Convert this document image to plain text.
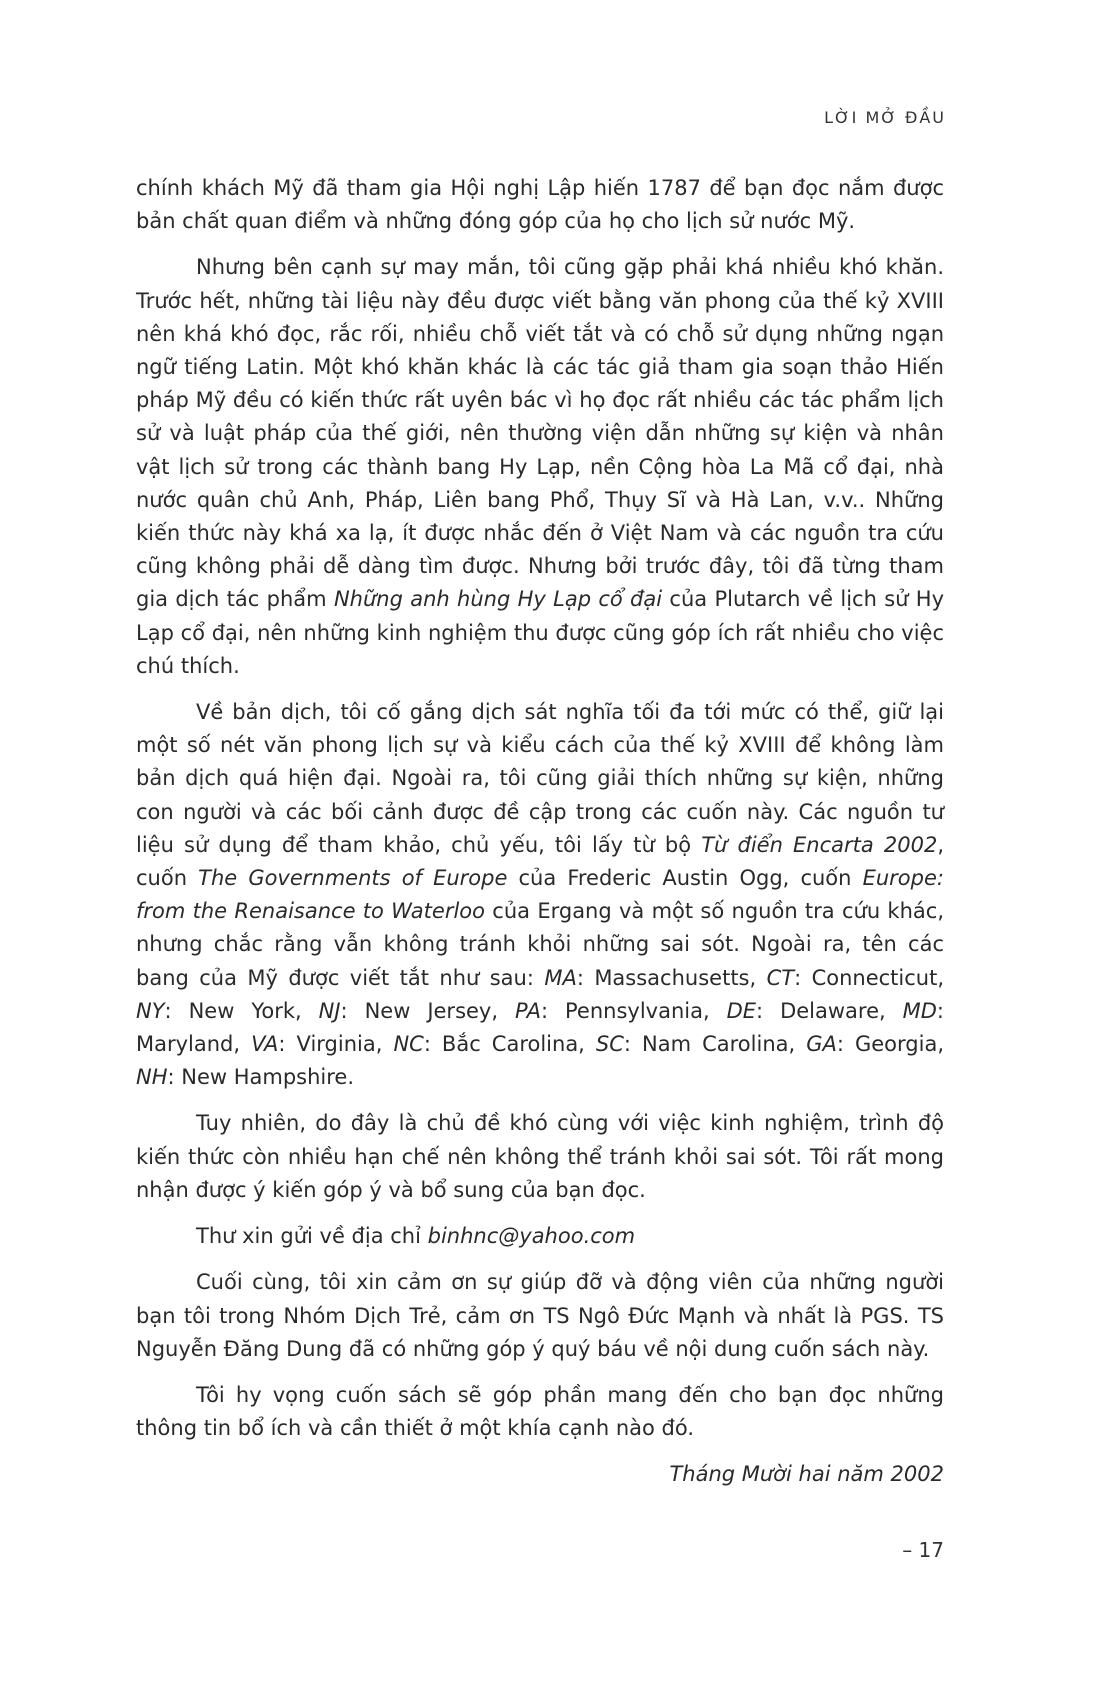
LỜI MỞ ĐẦU

chính khách Mỹ đã tham gia Hội nghị Lập hiến 1787 để bạn đọc nắm được bản chất quan điểm và những đóng góp của họ cho lịch sử nước Mỹ.

Nhưng bên cạnh sự may mắn, tôi cũng gặp phải khá nhiều khó khăn. Trước hết, những tài liệu này đều được viết bằng văn phong của thế kỷ XVIII nên khá khó đọc, rắc rối, nhiều chỗ viết tắt và có chỗ sử dụng những ngạn ngữ tiếng Latin. Một khó khăn khác là các tác giả tham gia soạn thảo Hiến pháp Mỹ đều có kiến thức rất uyên bác vì họ đọc rất nhiều các tác phẩm lịch sử và luật pháp của thế giới, nên thường viện dẫn những sự kiện và nhân vật lịch sử trong các thành bang Hy Lạp, nền Cộng hòa La Mã cổ đại, nhà nước quân chủ Anh, Pháp, Liên bang Phổ, Thụy Sĩ và Hà Lan, v.v.. Những kiến thức này khá xa lạ, ít được nhắc đến ở Việt Nam và các nguồn tra cứu cũng không phải dễ dàng tìm được. Nhưng bởi trước đây, tôi đã từng tham gia dịch tác phẩm Những anh hùng Hy Lạp cổ đại của Plutarch về lịch sử Hy Lạp cổ đại, nên những kinh nghiệm thu được cũng góp ích rất nhiều cho việc chú thích.

Về bản dịch, tôi cố gắng dịch sát nghĩa tối đa tới mức có thể, giữ lại một số nét văn phong lịch sự và kiểu cách của thế kỷ XVIII để không làm bản dịch quá hiện đại. Ngoài ra, tôi cũng giải thích những sự kiện, những con người và các bối cảnh được đề cập trong các cuốn này. Các nguồn tư liệu sử dụng để tham khảo, chủ yếu, tôi lấy từ bộ Từ điển Encarta 2002, cuốn The Governments of Europe của Frederic Austin Ogg, cuốn Europe: from the Renaisance to Waterloo của Ergang và một số nguồn tra cứu khác, nhưng chắc rằng vẫn không tránh khỏi những sai sót. Ngoài ra, tên các bang của Mỹ được viết tắt như sau: MA: Massachusetts, CT: Connecticut, NY: New York, NJ: New Jersey, PA: Pennsylvania, DE: Delaware, MD: Maryland, VA: Virginia, NC: Bắc Carolina, SC: Nam Carolina, GA: Georgia, NH: New Hampshire.

Tuy nhiên, do đây là chủ đề khó cùng với việc kinh nghiệm, trình độ kiến thức còn nhiều hạn chế nên không thể tránh khỏi sai sót. Tôi rất mong nhận được ý kiến góp ý và bổ sung của bạn đọc.

Thư xin gửi về địa chỉ binhnc@yahoo.com

Cuối cùng, tôi xin cảm ơn sự giúp đỡ và động viên của những người bạn tôi trong Nhóm Dịch Trẻ, cảm ơn TS Ngô Đức Mạnh và nhất là PGS. TS Nguyễn Đăng Dung đã có những góp ý quý báu về nội dung cuốn sách này.

Tôi hy vọng cuốn sách sẽ góp phần mang đến cho bạn đọc những thông tin bổ ích và cần thiết ở một khía cạnh nào đó.

Tháng Mười hai năm 2002

– 17
